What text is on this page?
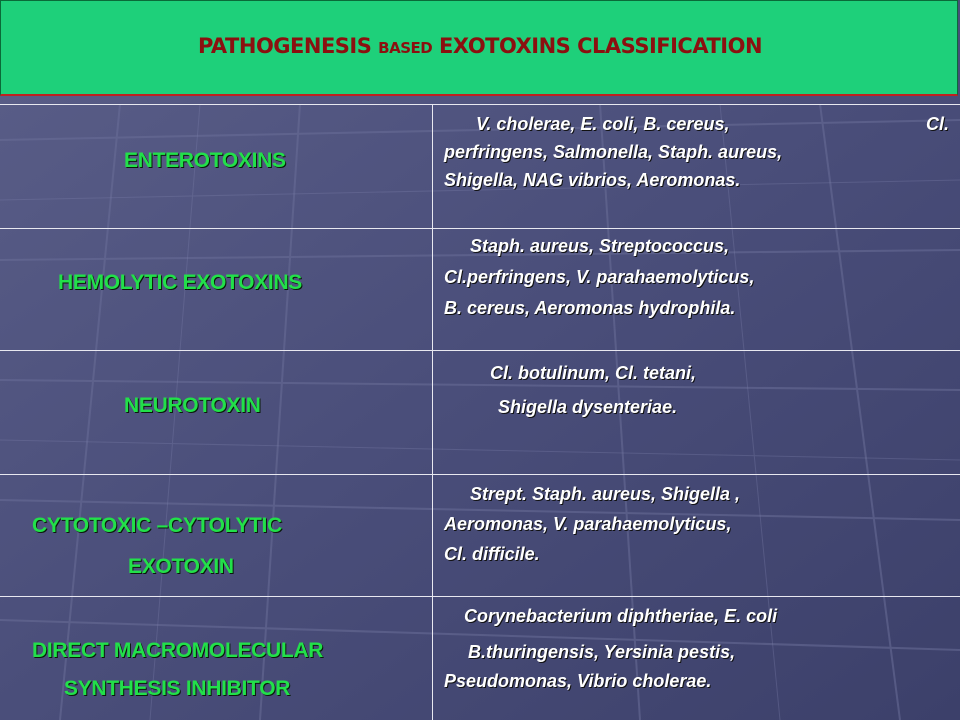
PATHOGENESIS BASED EXOTOXINS CLASSIFICATION
ENTEROTOXINS
V. cholerae, E. coli, B. cereus,	Cl.
perfringens, Salmonella, Staph. aureus,
Shigella, NAG vibrios, Aeromonas.
HEMOLYTIC EXOTOXINS
Staph. aureus, Streptococcus,
Cl.perfringens, V. parahaemolyticus,
B. cereus, Aeromonas hydrophila.
NEUROTOXIN
Cl. botulinum, Cl. tetani,
Shigella dysenteriae.
CYTOTOXIC –CYTOLYTIC
EXOTOXIN
Strept. Staph. aureus, Shigella ,
Aeromonas, V. parahaemolyticus,
Cl. difficile.
DIRECT MACROMOLECULAR
SYNTHESIS INHIBITOR
Corynebacterium diphtheriae, E. coli
B.thuringensis, Yersinia pestis,
Pseudomonas, Vibrio cholerae.
